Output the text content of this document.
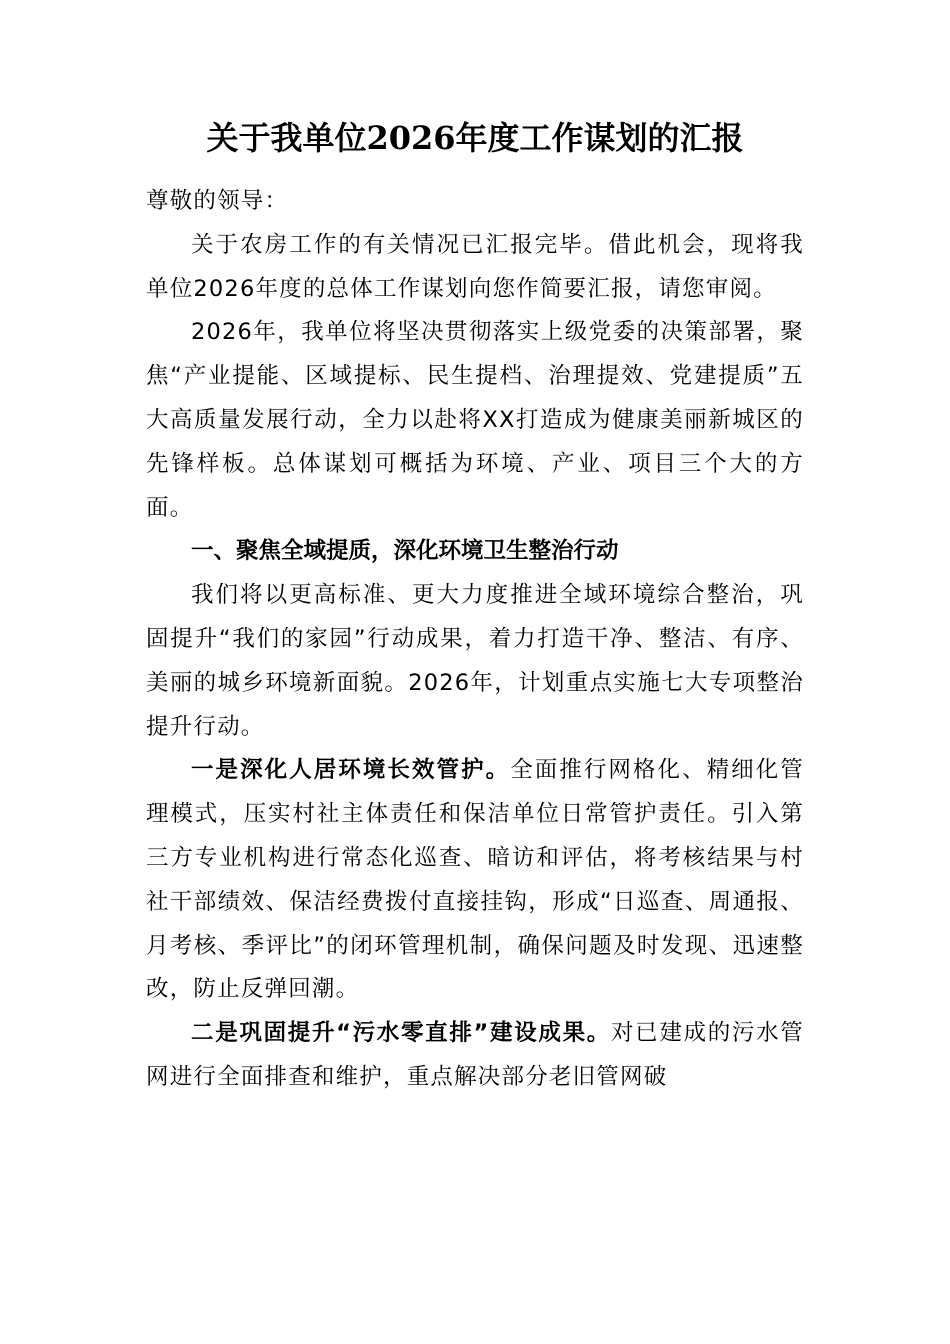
关于我单位2026年度工作谋划的汇报

尊敬的领导：

关于农房工作的有关情况已汇报完毕。借此机会，现将我单位2026年度的总体工作谋划向您作简要汇报，请您审阅。

2026年，我单位将坚决贯彻落实上级党委的决策部署，聚焦“产业提能、区域提标、民生提档、治理提效、党建提质”五大高质量发展行动，全力以赴将XX打造成为健康美丽新城区的先锋样板。总体谋划可概括为环境、产业、项目三个大的方面。

一、聚焦全域提质，深化环境卫生整治行动

我们将以更高标准、更大力度推进全域环境综合整治，巩固提升“我们的家园”行动成果，着力打造干净、整洁、有序、美丽的城乡环境新面貌。2026年，计划重点实施七大专项整治提升行动。

一是深化人居环境长效管护。全面推行网格化、精细化管理模式，压实村社主体责任和保洁单位日常管护责任。引入第三方专业机构进行常态化巡查、暗访和评估，将考核结果与村社干部绩效、保洁经费拨付直接挂钩，形成“日巡查、周通报、月考核、季评比”的闭环管理机制，确保问题及时发现、迅速整改，防止反弹回潮。

二是巩固提升“污水零直排”建设成果。对已建成的污水管网进行全面排查和维护，重点解决部分老旧管网破
